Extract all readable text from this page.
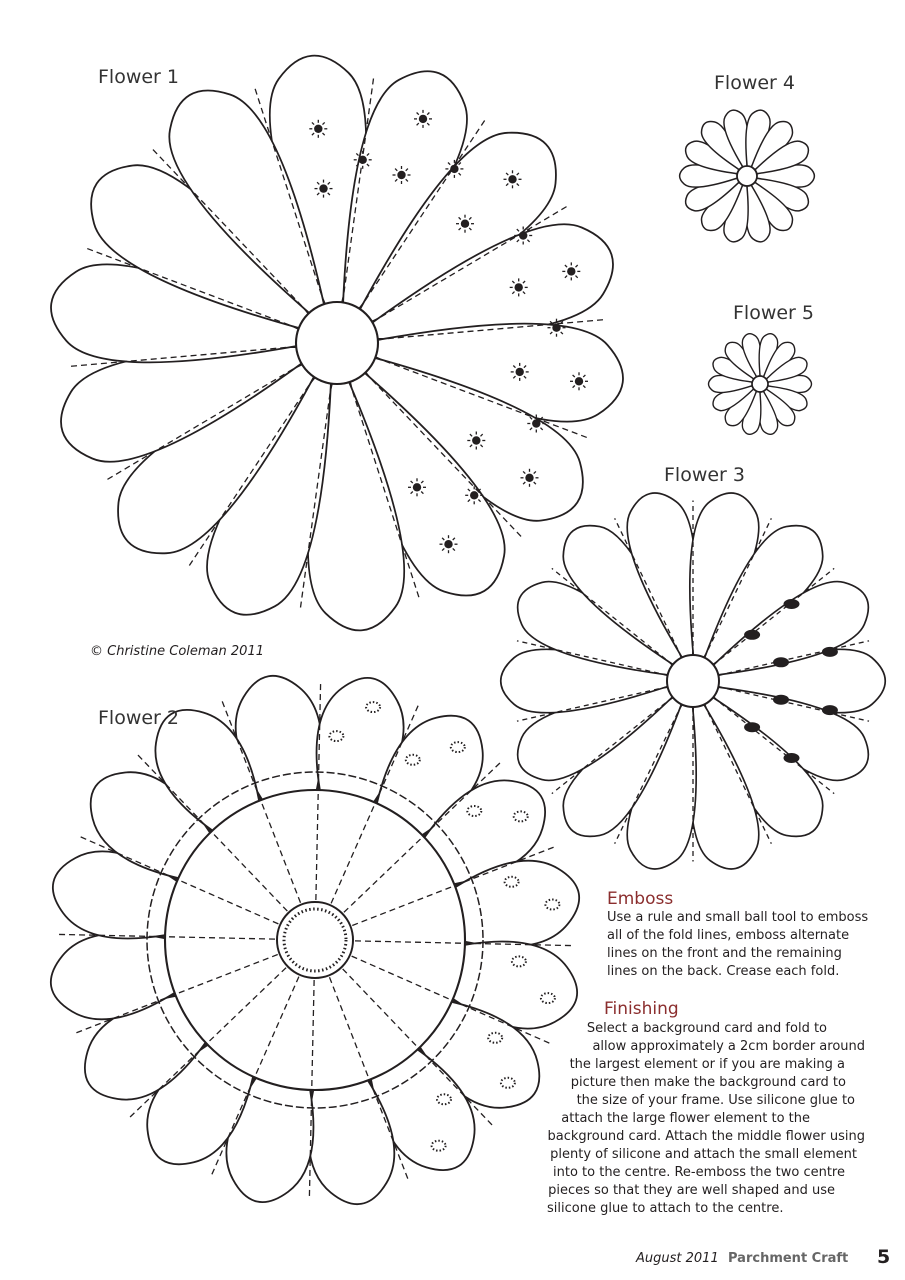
Flower 1	Flower 4
Flower 5
Flower 3
Flower 2
© Christine Coleman 2011
Emboss
Use a rule and small ball tool to emboss
all of the fold lines, emboss alternate
lines on the front and the remaining
lines on the back. Crease each fold.
Finishing
Select a background card and fold to
allow approximately a 2cm border around
the largest element or if you are making a
picture then make the background card to
the size of your frame. Use silicone glue to
attach the large flower element to the
background card. Attach the middle flower using
plenty of silicone and attach the small element
into to the centre. Re-emboss the two centre
pieces so that they are well shaped and use
silicone glue to attach to the centre.
August 2011 Parchment Craft 5
